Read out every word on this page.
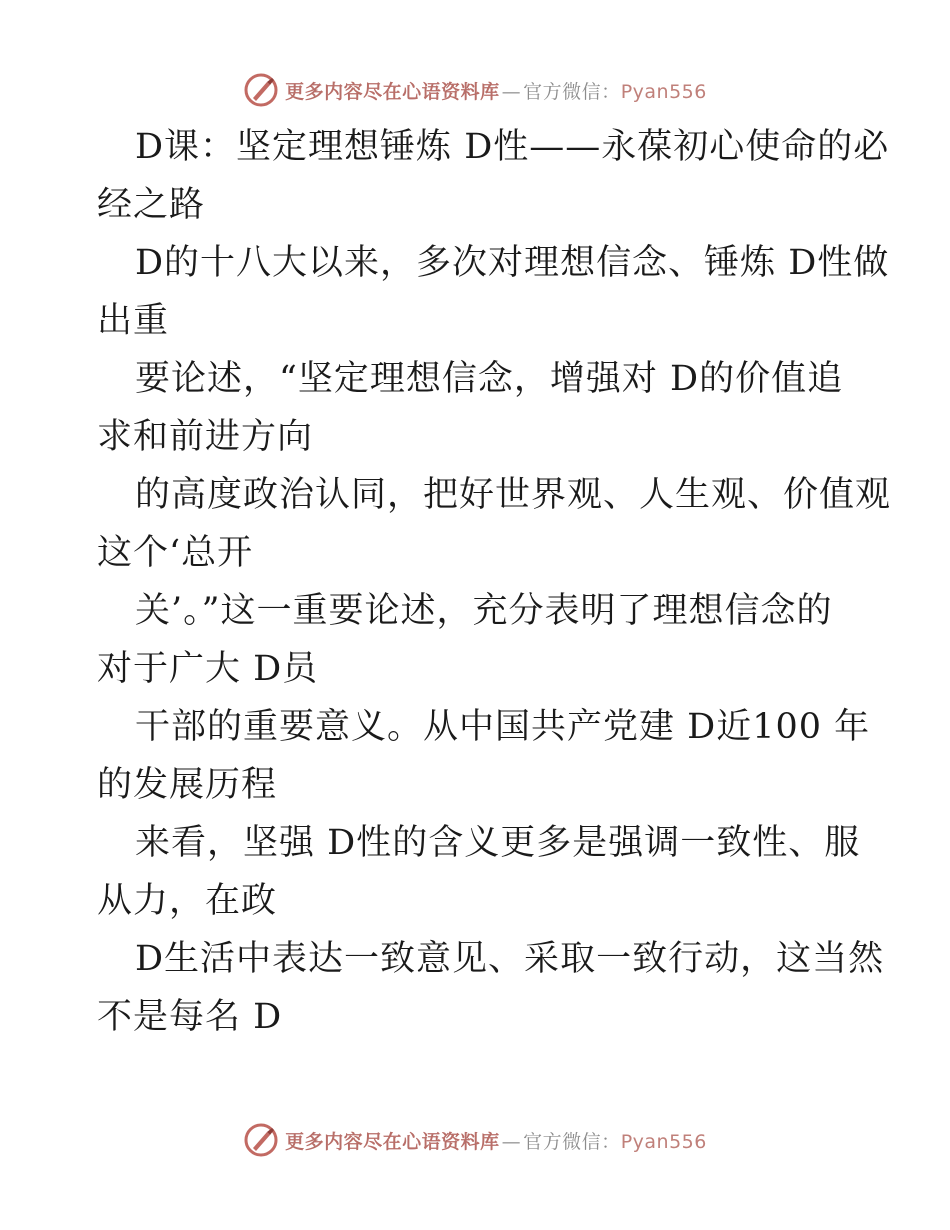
更多内容尽在心语资料库 — 官方微信：Pyan556
D课：坚定理想锤炼 D性——永葆初心使命的必
经之路
D的十八大以来，多次对理想信念、锤炼 D性做
出重
要论述，“坚定理想信念，增强对 D的价值追
求和前进方向
的高度政治认同，把好世界观、人生观、价值观
这个‘总开
关’。”这一重要论述，充分表明了理想信念的
对于广大 D员
干部的重要意义。从中国共产党建 D近100 年
的发展历程
来看，坚强 D性的含义更多是强调一致性、服
从力，在政
D生活中表达一致意见、采取一致行动，这当然
不是每名 D
更多内容尽在心语资料库 — 官方微信：Pyan556
